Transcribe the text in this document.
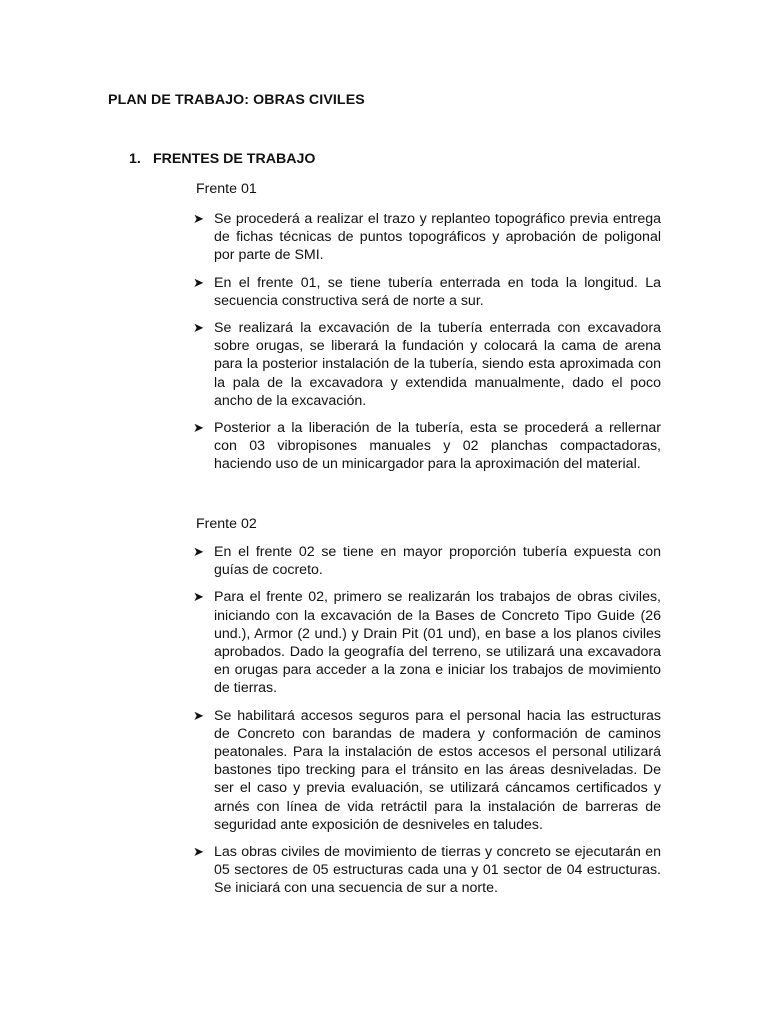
PLAN DE TRABAJO: OBRAS CIVILES
1. FRENTES DE TRABAJO
Frente 01
➤ Se procederá a realizar el trazo y replanteo topográfico previa entrega de fichas técnicas de puntos topográficos y aprobación de poligonal por parte de SMI.
➤ En el frente 01, se tiene tubería enterrada en toda la longitud. La secuencia constructiva será de norte a sur.
➤ Se realizará la excavación de la tubería enterrada con excavadora sobre orugas, se liberará la fundación y colocará la cama de arena para la posterior instalación de la tubería, siendo esta aproximada con la pala de la excavadora y extendida manualmente, dado el poco ancho de la excavación.
➤ Posterior a la liberación de la tubería, esta se procederá a rellernar con 03 vibropisones manuales y 02 planchas compactadoras, haciendo uso de un minicargador para la aproximación del material.
Frente 02
➤ En el frente 02 se tiene en mayor proporción tubería expuesta con guías de cocreto.
➤ Para el frente 02, primero se realizarán los trabajos de obras civiles, iniciando con la excavación de la Bases de Concreto Tipo Guide (26 und.), Armor (2 und.) y Drain Pit (01 und), en base a los planos civiles aprobados. Dado la geografía del terreno, se utilizará una excavadora en orugas para acceder a la zona e iniciar los trabajos de movimiento de tierras.
➤ Se habilitará accesos seguros para el personal hacia las estructuras de Concreto con barandas de madera y conformación de caminos peatonales. Para la instalación de estos accesos el personal utilizará bastones tipo trecking para el tránsito en las áreas desniveladas. De ser el caso y previa evaluación, se utilizará cáncamos certificados y arnés con línea de vida retráctil para la instalación de barreras de seguridad ante exposición de desniveles en taludes.
➤ Las obras civiles de movimiento de tierras y concreto se ejecutarán en 05 sectores de 05 estructuras cada una y 01 sector de 04 estructuras. Se iniciará con una secuencia de sur a norte.
